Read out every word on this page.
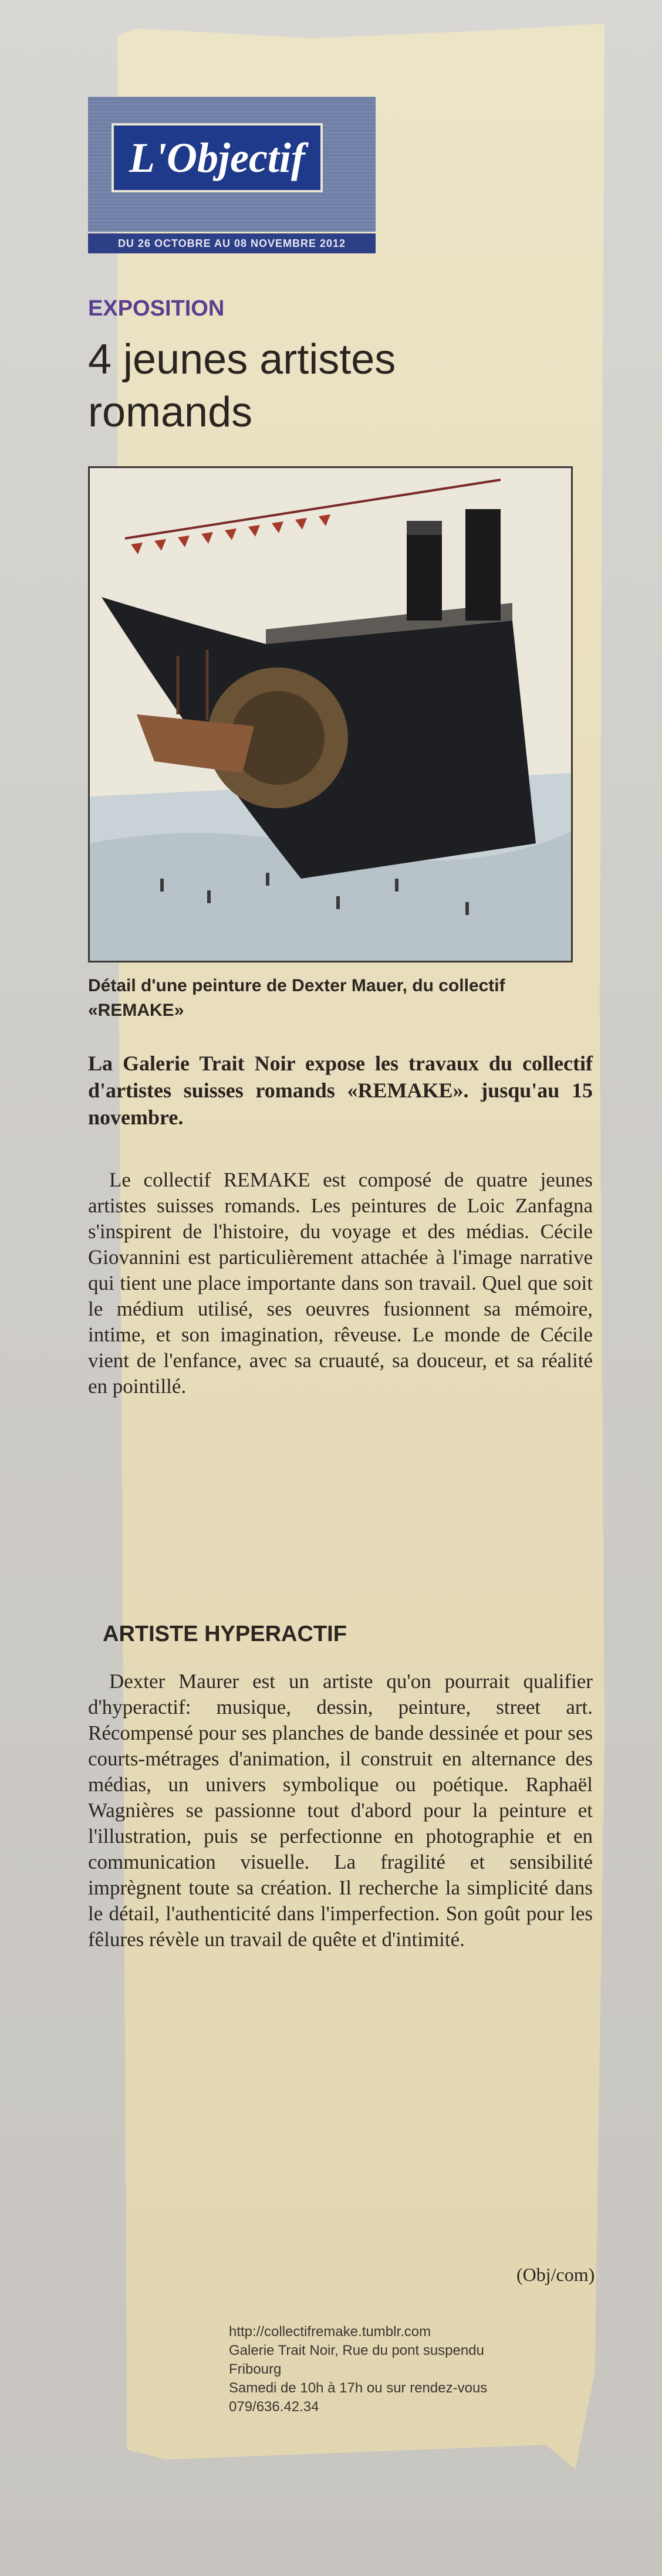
L'Objectif
DU 26 OCTOBRE AU 08 NOVEMBRE 2012
EXPOSITION
4 jeunes artistes romands
Détail d'une peinture de Dexter Mauer, du collectif «REMAKE»
La Galerie Trait Noir expose les travaux du collectif d'artistes suisses romands «REMAKE». jusqu'au 15 novembre.

Le collectif REMAKE est composé de quatre jeunes artistes suisses romands. Les peintures de Loic Zanfagna s'inspirent de l'histoire, du voyage et des médias. Cécile Giovannini est particulièrement attachée à l'image narrative qui tient une place importante dans son travail. Quel que soit le médium utilisé, ses oeuvres fusionnent sa mémoire, intime, et son imagination, rêveuse. Le monde de Cécile vient de l'enfance, avec sa cruauté, sa douceur, et sa réalité en pointillé.

ARTISTE HYPERACTIF

Dexter Maurer est un artiste qu'on pourrait qualifier d'hyperactif: musique, dessin, peinture, street art. Récompensé pour ses planches de bande dessinée et pour ses courts-métrages d'animation, il construit en alternance des médias, un univers symbolique ou poétique. Raphaël Wagnières se passionne tout d'abord pour la peinture et l'illustration, puis se perfectionne en photographie et en communication visuelle. La fragilité et sensibilité imprègnent toute sa création. Il recherche la simplicité dans le détail, l'authenticité dans l'imperfection. Son goût pour les fêlures révèle un travail de quête et d'intimité.

(Obj/com)
http://collectifremake.tumblr.com
Galerie Trait Noir, Rue du pont suspendu
Fribourg
Samedi de 10h à 17h ou sur rendez-vous
079/636.42.34
